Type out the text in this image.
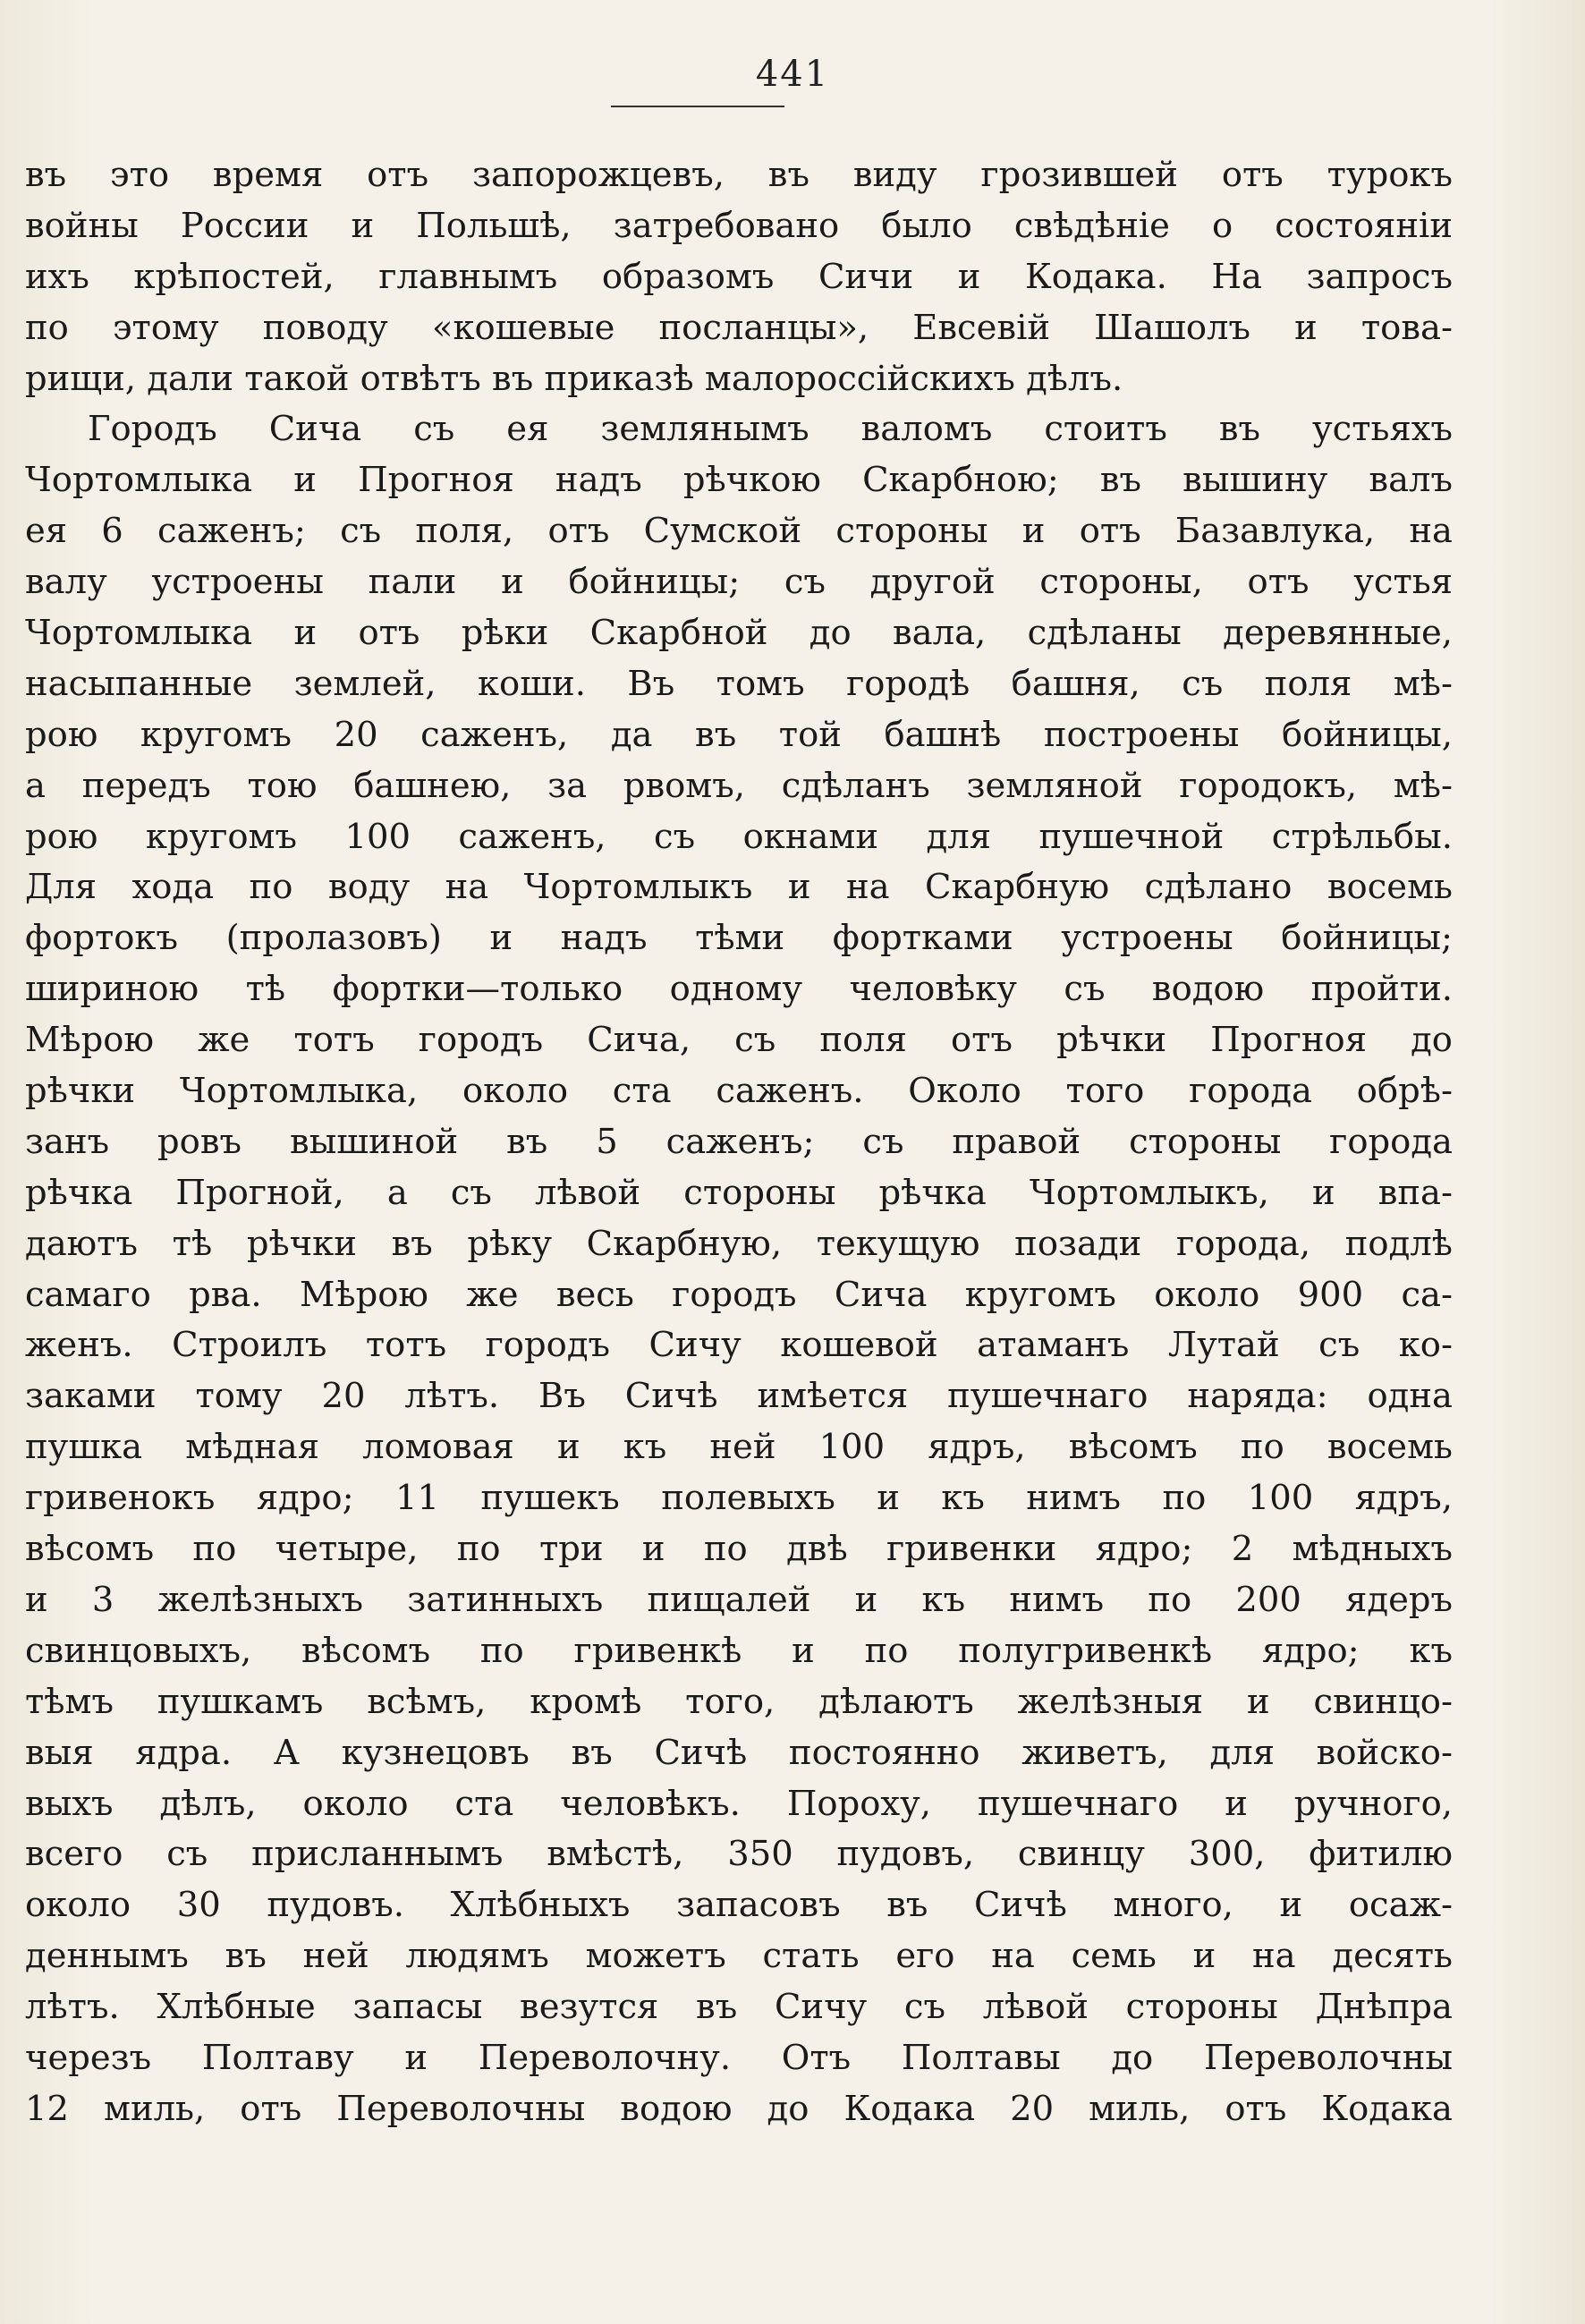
441
въ это время отъ запорожцевъ, въ виду грозившей отъ турокъ
войны России и Польшѣ, затребовано было свѣдѣніе о состояніи
ихъ крѣпостей, главнымъ образомъ Сичи и Кодака. На запросъ
по этому поводу «кошевые посланцы», Евсевій Шашолъ и това-
рищи, дали такой отвѣтъ въ приказѣ малороссійскихъ дѣлъ.
Городъ Сича съ ея землянымъ валомъ стоитъ въ устьяхъ
Чортомлыка и Прогноя надъ рѣчкою Скарбною; въ вышину валъ
ея 6 саженъ; съ поля, отъ Сумской стороны и отъ Базавлука, на
валу устроены пали и бойницы; съ другой стороны, отъ устья
Чортомлыка и отъ рѣки Скарбной до вала, сдѣланы деревянные,
насыпанные землей, коши. Въ томъ городѣ башня, съ поля мѣ-
рою кругомъ 20 саженъ, да въ той башнѣ построены бойницы,
а передъ тою башнею, за рвомъ, сдѣланъ земляной городокъ, мѣ-
рою кругомъ 100 саженъ, съ окнами для пушечной стрѣльбы.
Для хода по воду на Чортомлыкъ и на Скарбную сдѣлано восемь
фортокъ (пролазовъ) и надъ тѣми фортками устроены бойницы;
шириною тѣ фортки—только одному человѣку съ водою пройти.
Мѣрою же тотъ городъ Сича, съ поля отъ рѣчки Прогноя до
рѣчки Чортомлыка, около ста саженъ. Около того города обрѣ-
занъ ровъ вышиной въ 5 саженъ; съ правой стороны города
рѣчка Прогной, а съ лѣвой стороны рѣчка Чортомлыкъ, и впа-
даютъ тѣ рѣчки въ рѣку Скарбную, текущую позади города, подлѣ
самаго рва. Мѣрою же весь городъ Сича кругомъ около 900 са-
женъ. Строилъ тотъ городъ Сичу кошевой атаманъ Лутай съ ко-
заками тому 20 лѣтъ. Въ Сичѣ имѣется пушечнаго наряда: одна
пушка мѣдная ломовая и къ ней 100 ядръ, вѣсомъ по восемь
гривенокъ ядро; 11 пушекъ полевыхъ и къ нимъ по 100 ядръ,
вѣсомъ по четыре, по три и по двѣ гривенки ядро; 2 мѣдныхъ
и 3 желѣзныхъ затинныхъ пищалей и къ нимъ по 200 ядеръ
свинцовыхъ, вѣсомъ по гривенкѣ и по полугривенкѣ ядро; къ
тѣмъ пушкамъ всѣмъ, кромѣ того, дѣлаютъ желѣзныя и свинцо-
выя ядра. А кузнецовъ въ Сичѣ постоянно живетъ, для войско-
выхъ дѣлъ, около ста человѣкъ. Пороху, пушечнаго и ручного,
всего съ присланнымъ вмѣстѣ, 350 пудовъ, свинцу 300, фитилю
около 30 пудовъ. Хлѣбныхъ запасовъ въ Сичѣ много, и осаж-
деннымъ въ ней людямъ можетъ стать его на семь и на десять
лѣтъ. Хлѣбные запасы везутся въ Сичу съ лѣвой стороны Днѣпра
черезъ Полтаву и Переволочну. Отъ Полтавы до Переволочны
12 миль, отъ Переволочны водою до Кодака 20 миль, отъ Кодака
